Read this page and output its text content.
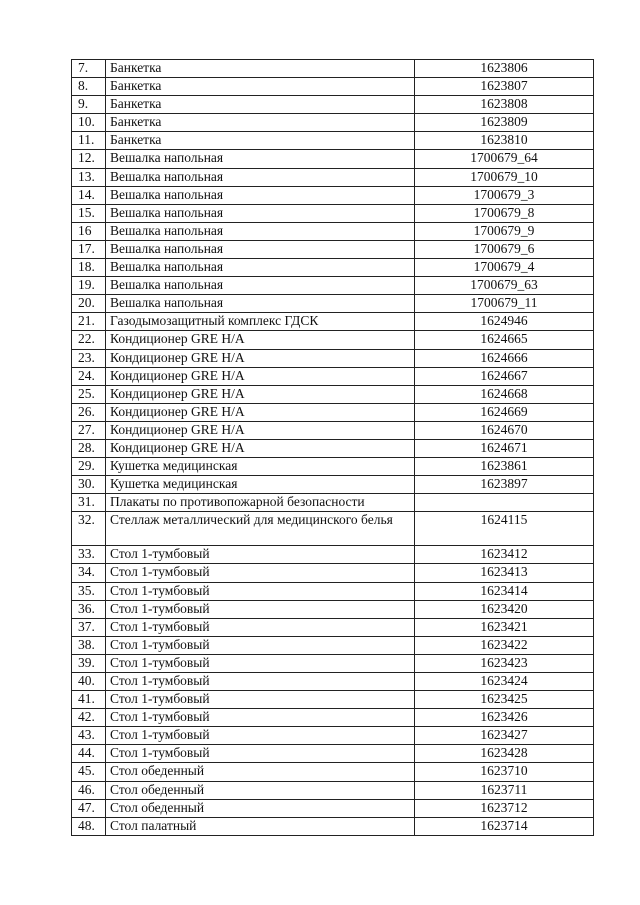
7.	Банкетка	1623806
8.	Банкетка	1623807
9.	Банкетка	1623808
10.	Банкетка	1623809
11.	Банкетка	1623810
12.	Вешалка напольная	1700679_64
13.	Вешалка напольная	1700679_10
14.	Вешалка напольная	1700679_3
15.	Вешалка напольная	1700679_8
16	Вешалка напольная	1700679_9
17.	Вешалка напольная	1700679_6
18.	Вешалка напольная	1700679_4
19.	Вешалка напольная	1700679_63
20.	Вешалка напольная	1700679_11
21.	Газодымозащитный комплекс ГДСК	1624946
22.	Кондиционер GRE H/A	1624665
23.	Кондиционер GRE H/A	1624666
24.	Кондиционер GRE H/A	1624667
25.	Кондиционер GRE H/A	1624668
26.	Кондиционер GRE H/A	1624669
27.	Кондиционер GRE H/A	1624670
28.	Кондиционер GRE H/A	1624671
29.	Кушетка медицинская	1623861
30.	Кушетка медицинская	1623897
31.	Плакаты по противопожарной безопасности	
32.	Стеллаж металлический для медицинского белья	1624115
33.	Стол 1-тумбовый	1623412
34.	Стол 1-тумбовый	1623413
35.	Стол 1-тумбовый	1623414
36.	Стол 1-тумбовый	1623420
37.	Стол 1-тумбовый	1623421
38.	Стол 1-тумбовый	1623422
39.	Стол 1-тумбовый	1623423
40.	Стол 1-тумбовый	1623424
41.	Стол 1-тумбовый	1623425
42.	Стол 1-тумбовый	1623426
43.	Стол 1-тумбовый	1623427
44.	Стол 1-тумбовый	1623428
45.	Стол обеденный	1623710
46.	Стол обеденный	1623711
47.	Стол обеденный	1623712
48.	Стол палатный	1623714
